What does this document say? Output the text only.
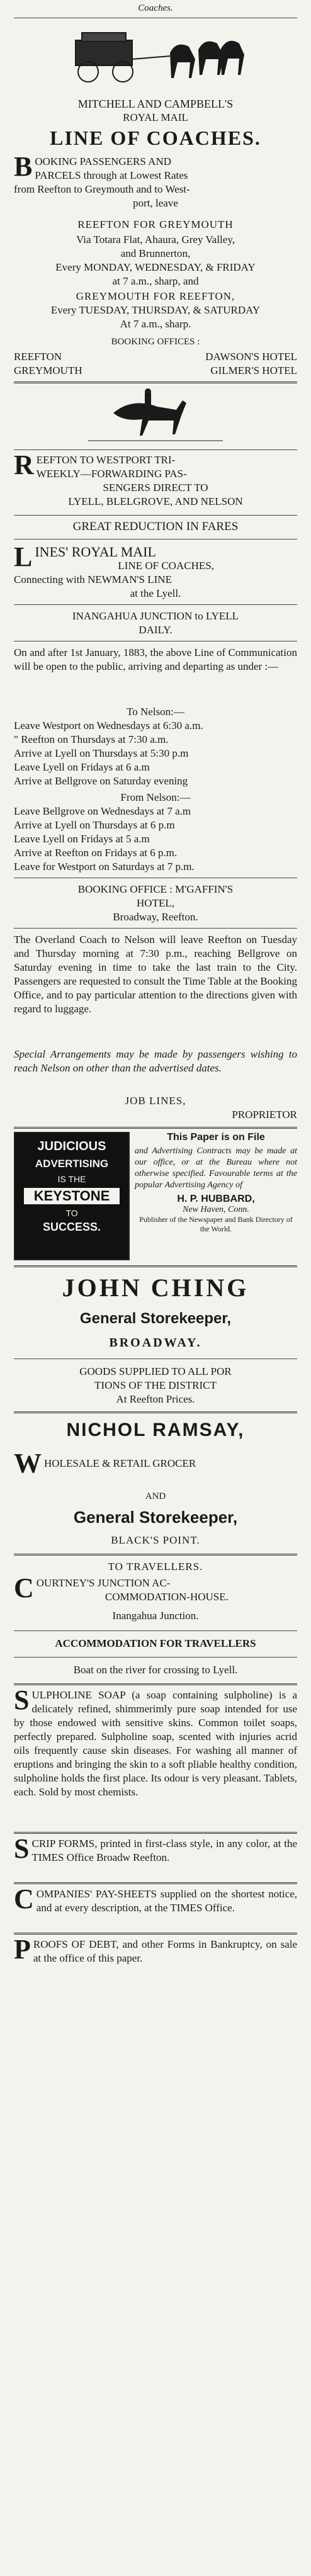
Coaches.
MITCHELL AND CAMPBELL'S
ROYAL MAIL
LINE OF COACHES.
B OOKING PASSENGERS AND
PARCELS through at Lowest Rates
from Reefton to Greymouth and to West-
port, leave
REEFTON FOR GREYMOUTH
Via Totara Flat, Ahaura, Grey Valley,
and Brunnerton,
Every MONDAY, WEDNESDAY, & FRIDAY
at 7 a.m., sharp, and
GREYMOUTH FOR REEFTON,
Every TUESDAY, THURSDAY, & SATURDAY
At 7 a.m., sharp.
BOOKING OFFICES :
REEFTON	DAWSON'S HOTEL
GREYMOUTH	GILMER'S HOTEL
R EEFTON TO WESTPORT TRI-
WEEKLY—FORWARDING PAS-
SENGERS DIRECT TO
LYELL, BLELGROVE, AND NELSON
GREAT REDUCTION IN FARES
L INES' ROYAL MAIL
LINE OF COACHES,
Connecting with NEWMAN'S LINE
at the Lyell.
INANGAHUA JUNCTION to LYELL
DAILY.
On and after 1st January, 1883, the above Line of Communication will be open to the public, arriving and departing as under :—
To Nelson:—
Leave Westport on Wednesdays at 6:30 a.m.
" Reefton on Thursdays at 7:30 a.m.
Arrive at Lyell on Thursdays at 5:30 p.m
Leave Lyell on Fridays at 6 a.m
Arrive at Bellgrove on Saturday evening
From Nelson:—
Leave Bellgrove on Wednesdays at 7 a.m
Arrive at Lyell on Thursdays at 6 p.m
Leave Lyell on Fridays at 5 a.m
Arrive at Reefton on Fridays at 6 p.m.
Leave for Westport on Saturdays at 7 p.m.
BOOKING OFFICE : M'GAFFIN'S
HOTEL,
Broadway, Reefton.
The Overland Coach to Nelson will leave Reefton on Tuesday and Thursday morning at 7:30 p.m., reaching Bellgrove on Saturday evening in time to take the last train to the City. Passengers are requested to consult the Time Table at the Booking Office, and to pay particular attention to the directions given with regard to luggage.
Special Arrangements may be made by passengers wishing to reach Nelson on other than the advertised dates.
JOB LINES,
PROPRIETOR
JUDICIOUS
ADVERTISING
IS THE
KEYSTONE
TO
SUCCESS.
This Paper is on File
and Advertising Contracts may be made at our office, or at the Bureau where not otherwise specified. Favourable terms at the popular Advertising Agency of
H. P. HUBBARD,
New Haven, Conn.
Publisher of the Newspaper and Bank Directory of the World.
JOHN CHING
General Storekeeper,
BROADWAY.
GOODS SUPPLIED TO ALL POR
TIONS OF THE DISTRICT
At Reefton Prices.
NICHOL RAMSAY,
W HOLESALE & RETAIL GROCER
AND
General Storekeeper,
BLACK'S POINT.
TO TRAVELLERS.
C OURTNEY'S JUNCTION AC-
COMMODATION-HOUSE.
Inangahua Junction.
ACCOMMODATION FOR TRAVELLERS
Boat on the river for crossing to Lyell.
S ULPHOLINE SOAP (a soap containing sulpholine) is a delicately refined, shimmerimly pure soap intended for use by those endowed with sensitive skins. Common toilet soaps, perfectly prepared. Sulpholine soap, scented with injuries acrid oils frequently cause skin diseases. For washing all manner of eruptions and bringing the skin to a soft pliable healthy condition, sulpholine holds the first place. Its odour is very pleasant. Tablets, each. Sold by most chemists.
S CRIP FORMS, printed in first-class style, in any color, at the TIMES Office Broadw Reefton.
C OMPANIES' PAY-SHEETS supplied on the shortest notice, and at every description, at the TIMES Office.
P ROOFS OF DEBT, and other Forms in Bankruptcy, on sale at the office of this paper.
